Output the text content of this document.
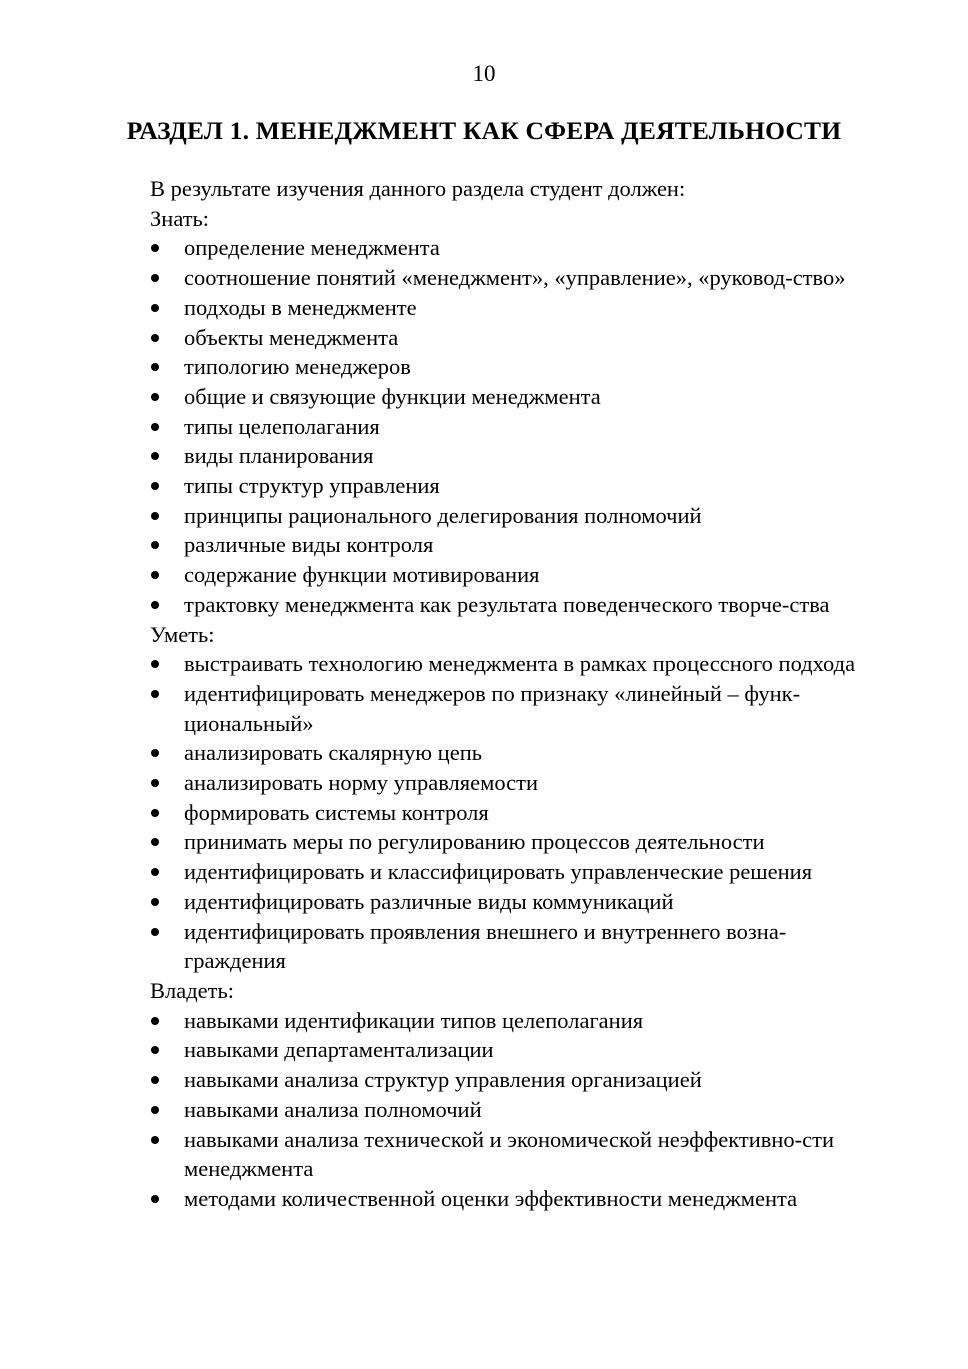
10
РАЗДЕЛ 1. МЕНЕДЖМЕНТ КАК СФЕРА ДЕЯТЕЛЬНОСТИ

В результате изучения данного раздела студент должен:

Знать:

определение менеджмента
соотношение понятий «менеджмент», «управление», «руковод-ство»
подходы в менеджменте
объекты менеджмента
типологию менеджеров
общие и связующие функции менеджмента
типы целеполагания
виды планирования
типы структур управления
принципы рационального делегирования полномочий
различные виды контроля
содержание функции мотивирования
трактовку менеджмента как результата поведенческого творче-ства

Уметь:

выстраивать технологию менеджмента в рамках процессного подхода
идентифицировать менеджеров по признаку «линейный – функ-циональный»
анализировать скалярную цепь
анализировать норму управляемости
формировать системы контроля
принимать меры по регулированию процессов деятельности
идентифицировать и классифицировать управленческие решения
идентифицировать различные виды коммуникаций
идентифицировать проявления внешнего и внутреннего возна-граждения

Владеть:

навыками идентификации типов целеполагания
навыками департаментализации
навыками анализа структур управления организацией
навыками анализа полномочий
навыками анализа технической и экономической неэффективно-сти менеджмента
методами количественной оценки эффективности менеджмента
